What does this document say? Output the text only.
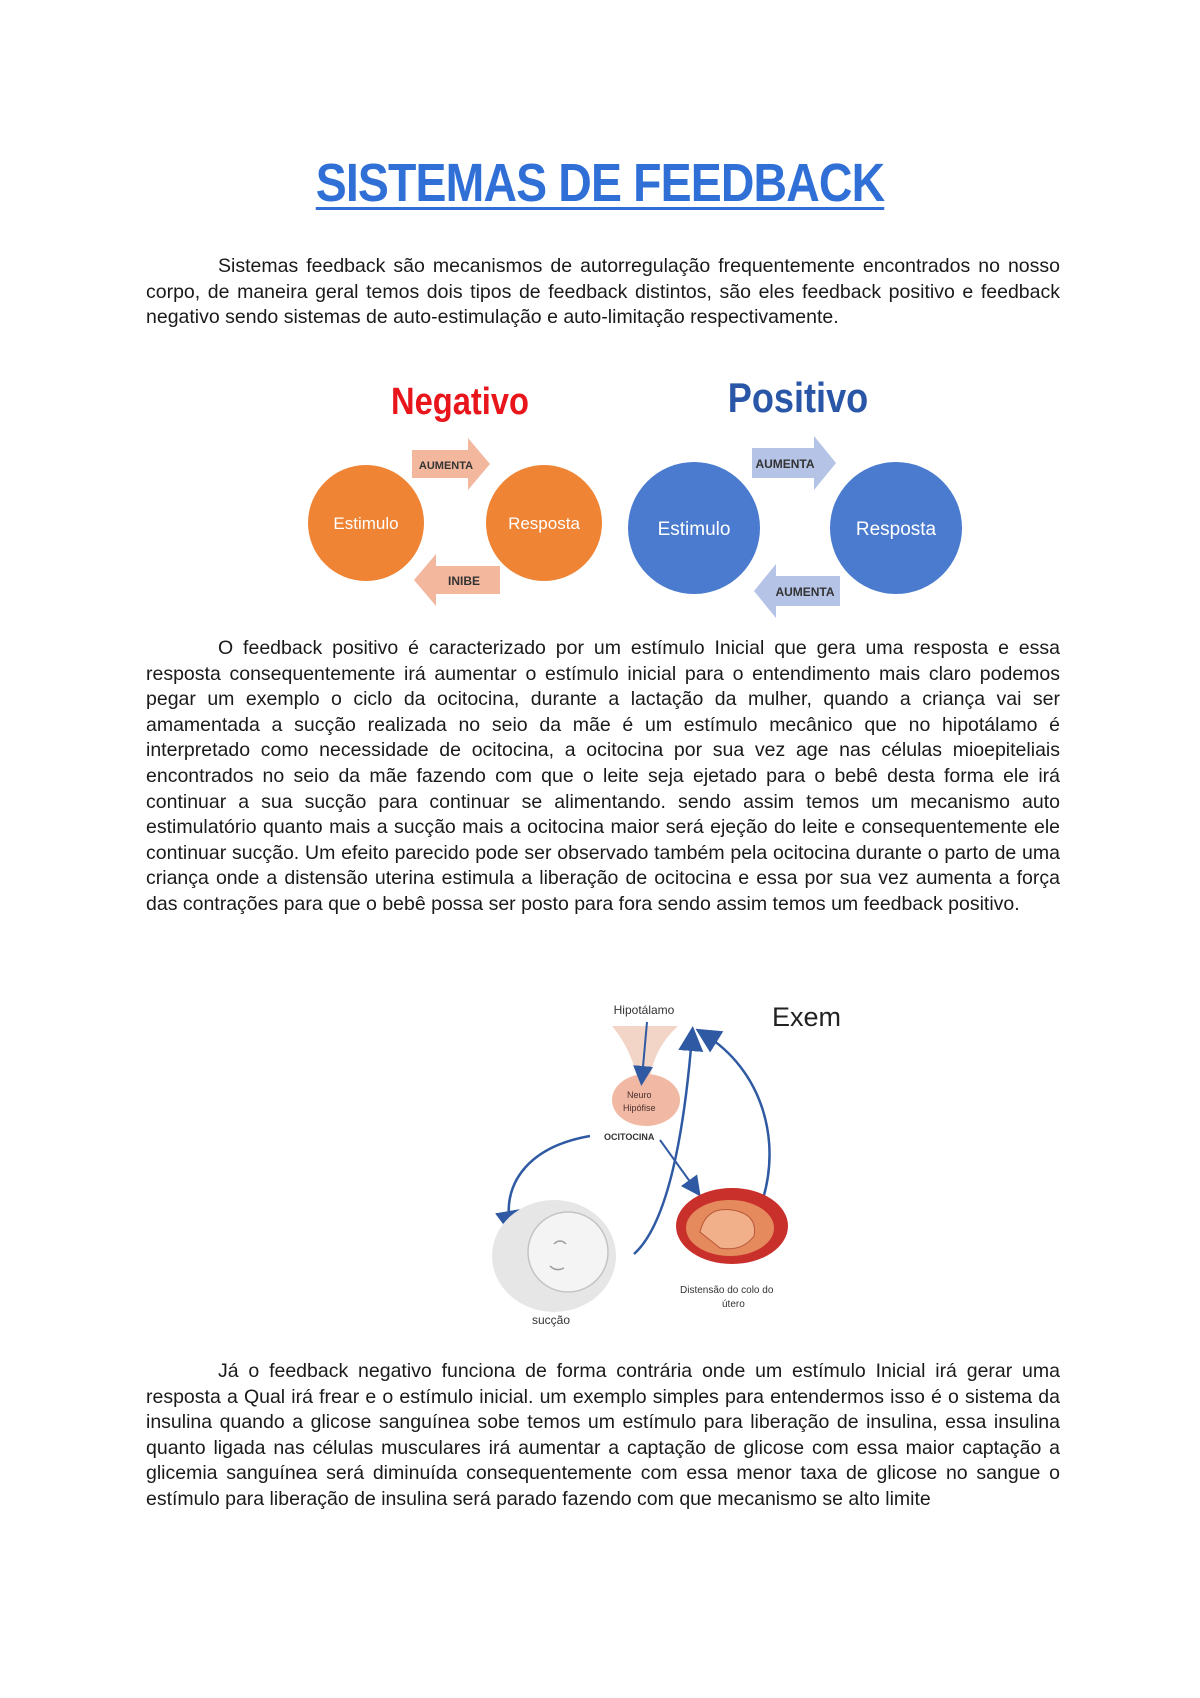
SISTEMAS DE FEEDBACK

Sistemas feedback são mecanismos de autorregulação frequentemente encontrados no nosso corpo, de maneira geral temos dois tipos de feedback distintos, são eles feedback positivo e feedback negativo sendo sistemas de auto-estimulação e auto-limitação respectivamente.

Negativo
Estimulo	Resposta
AUMENTA
INIBE
Positivo
Estimulo	Resposta
AUMENTA
AUMENTA

O feedback positivo é caracterizado por um estímulo Inicial que gera uma resposta e essa resposta consequentemente irá aumentar o estímulo inicial para o entendimento mais claro podemos pegar um exemplo o ciclo da ocitocina, durante a lactação da mulher, quando a criança vai ser amamentada a sucção realizada no seio da mãe é um estímulo mecânico que no hipotálamo é interpretado como necessidade de ocitocina, a ocitocina por sua vez age nas células mioepiteliais encontrados no seio da mãe fazendo com que o leite seja ejetado para o bebê desta forma ele irá continuar a sua sucção para continuar se alimentando. sendo assim temos um mecanismo auto estimulatório quanto mais a sucção mais a ocitocina maior será ejeção do leite e consequentemente ele continuar sucção. Um efeito parecido pode ser observado também pela ocitocina durante o parto de uma criança onde a distensão uterina estimula a liberação de ocitocina e essa por sua vez aumenta a força das contrações para que o bebê possa ser posto para fora sendo assim temos um feedback positivo.

Hipotálamo
Neuro
Hipófise
OCITOCINA
Exem
sucção
Distensão do colo do
útero

Já o feedback negativo funciona de forma contrária onde um estímulo Inicial irá gerar uma resposta a Qual irá frear e o estímulo inicial. um exemplo simples para entendermos isso é o sistema da insulina quando a glicose sanguínea sobe temos um estímulo para liberação de insulina, essa insulina quanto ligada nas células musculares irá aumentar a captação de glicose com essa maior captação a glicemia sanguínea será diminuída consequentemente com essa menor taxa de glicose no sangue o estímulo para liberação de insulina será parado fazendo com que mecanismo se alto limite
